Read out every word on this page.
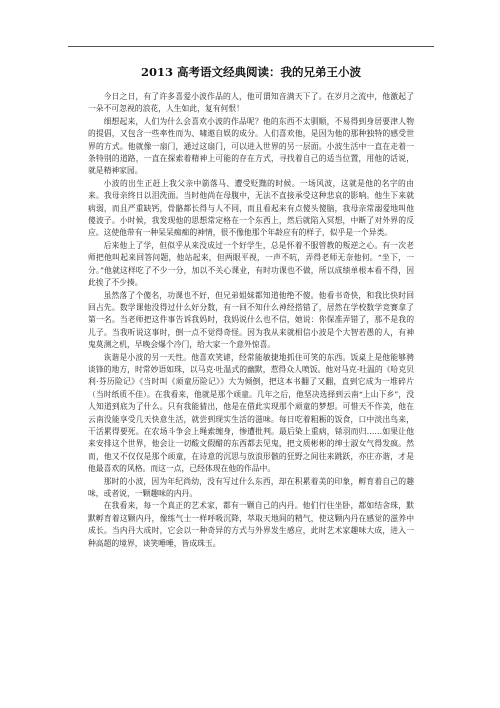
2013 高考语文经典阅读：我的兄弟王小波

今日之日，有了许多喜爱小波作品的人，他可谓知音满天下了。在岁月之流中，他激起了一朵不可忽视的浪花，人生如此，复有何恨！

细想起来，人们为什么会喜欢小波的作品呢？他的东西不太驯顺，不易得到身居要津人物的提倡，又包含一些率性而为、啸遨自娱的成分。人们喜欢他，是因为他的那种独特的感受世界的方式。他就像一扇门，通过这扇门，可以进入世界的另一层面。小波生活中一直在走着一条特别的道路，一直在探索着精神上可能的存在方式，寻找着自己的适当位置，用他的话说，就是精神家园。

小波的出生正赶上我父亲中箭落马、遭受贬黜的时候。一场风波，这就是他的名字的由来。我母亲终日以泪洗面。当时他尚在母腹中，无法不直接承受这种悲哀的影响。他生下来就病弱，而且严重缺钙，骨骼都长得与人不同，而且看起来有点傻头傻脑，我母亲常溺爱地叫他傻波子。小时候，我发现他的思想常定格在一个东西上，然后就陷入冥想，中断了对外界的反应。这使他带有一种呆呆痴痴的神情，很不像他那个年龄应有的样子，似乎是一个异类。

后来他上了学，但似乎从来没成过一个好学生，总是怀着不服管教的叛逆之心。有一次老师把他叫起来回答问题，他站起来，但两眼平视，一声不吭，弄得老师无奈他何。“坐下，一分。”他就这样吃了不少一分，加以不关心课业，有时功课也不做，所以成绩单根本看不得，因此挨了不少揍。

虽然落了个傻名，功课也不好，但兄弟姐妹都知道他绝不傻。他看书奇快，和我比快时回回占先。数学课他没得过什么好分数，有一回不知什么神经搭错了，居然在学校数学竞赛拿了第一名。当老师把这件事告诉我妈时，我妈说什么也不信，她说：你保准弄错了，那不是我的儿子。当我听说这事时，倒一点不觉得奇怪。因为我从来就相信小波是个大智若愚的人，有神鬼莫测之机，早晚会爆个冷门，给大家一个意外惊喜。

诙谐是小波的另一天性。他喜欢笑谑，经常能敏捷地抓住可笑的东西。饭桌上是他能够骋谈锋的地方，时常妙语如珠，以马克·吐温式的幽默，惹得众人喷饭。他对马克·吐温的《哈克贝利·芬历险记》《当时叫《顽童历险记》》大为倾倒，把这本书翻了又翻，直到它成为一堆碎片（当时纸质不佳）。在我看来，他就是那个顽童。几年之后，他坚决选择到云南“上山下乡”，没人知道到底为了什么。只有我能猜出，他是在借此实现那个顽童的梦想。可惜天不作美，他在云南没能享受几天快意生活，就尝到现实生活的滋味。每日吃着粗粝的饭食，口中淡出鸟来，干活累得要死。在农场斗争会上绳索缠身，惨遭批判。最后染上重病，铩羽而归……如果让他来安排这个世界，他会让一切酸文假醋的东西都去见鬼，把文质彬彬的绅士淑女气得发疯。然而，他又不仅仅是那个顽童，在诗意的沉思与放浪形骸的狂野之间往来跳跃，亦庄亦谐，才是他最喜欢的风格。而这一点，已经体现在他的作品中。

那时的小波，因为年纪尚幼，没有写过什么东西，却在积累着美的印象，孵育着自己的趣味，或者说，一颗趣味的内丹。

在我看来，每一个真正的艺术家，都有一颗自己的内丹。他们行住坐卧，都如结舍珠，默默孵育着这颗内丹，像练气士一样呼吸沉降，萃取天地间的精气，使这颗内丹在感觉的滋养中成长。当内丹大成时，它会以一种奇异的方式与外界发生感应，此时艺术家趣味大成，进入一种高超的境界，谈笑唾唾，皆成珠玉。
